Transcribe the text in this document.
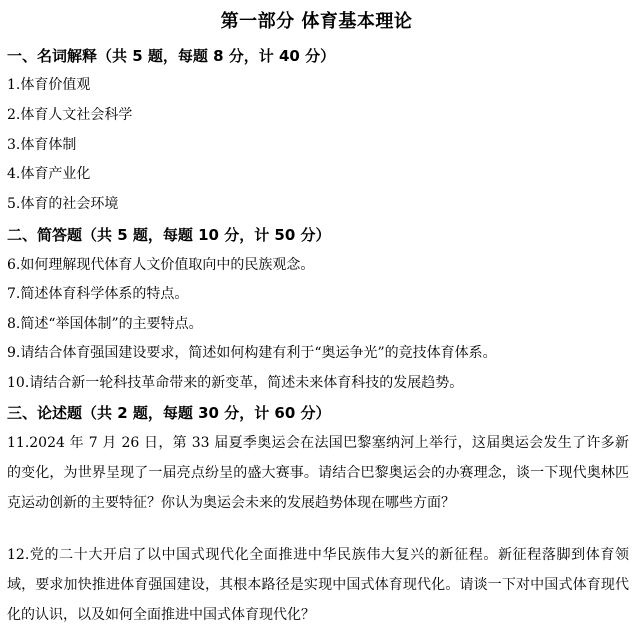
第一部分 体育基本理论
一、名词解释（共 5 题，每题 8 分，计 40 分）
1.体育价值观
2.体育人文社会科学
3.体育体制
4.体育产业化
5.体育的社会环境
二、简答题（共 5 题，每题 10 分，计 50 分）
6.如何理解现代体育人文价值取向中的民族观念。
7.简述体育科学体系的特点。
8.简述“举国体制”的主要特点。
9.请结合体育强国建设要求，简述如何构建有利于“奥运争光”的竞技体育体系。
10.请结合新一轮科技革命带来的新变革，简述未来体育科技的发展趋势。
三、论述题（共 2 题，每题 30 分，计 60 分）
11.2024 年 7 月 26 日，第 33 届夏季奥运会在法国巴黎塞纳河上举行，这届奥运会发生了许多新的变化，为世界呈现了一届亮点纷呈的盛大赛事。请结合巴黎奥运会的办赛理念，谈一下现代奥林匹克运动创新的主要特征？你认为奥运会未来的发展趋势体现在哪些方面？
12.党的二十大开启了以中国式现代化全面推进中华民族伟大复兴的新征程。新征程落脚到体育领域，要求加快推进体育强国建设，其根本路径是实现中国式体育现代化。请谈一下对中国式体育现代化的认识，以及如何全面推进中国式体育现代化？
